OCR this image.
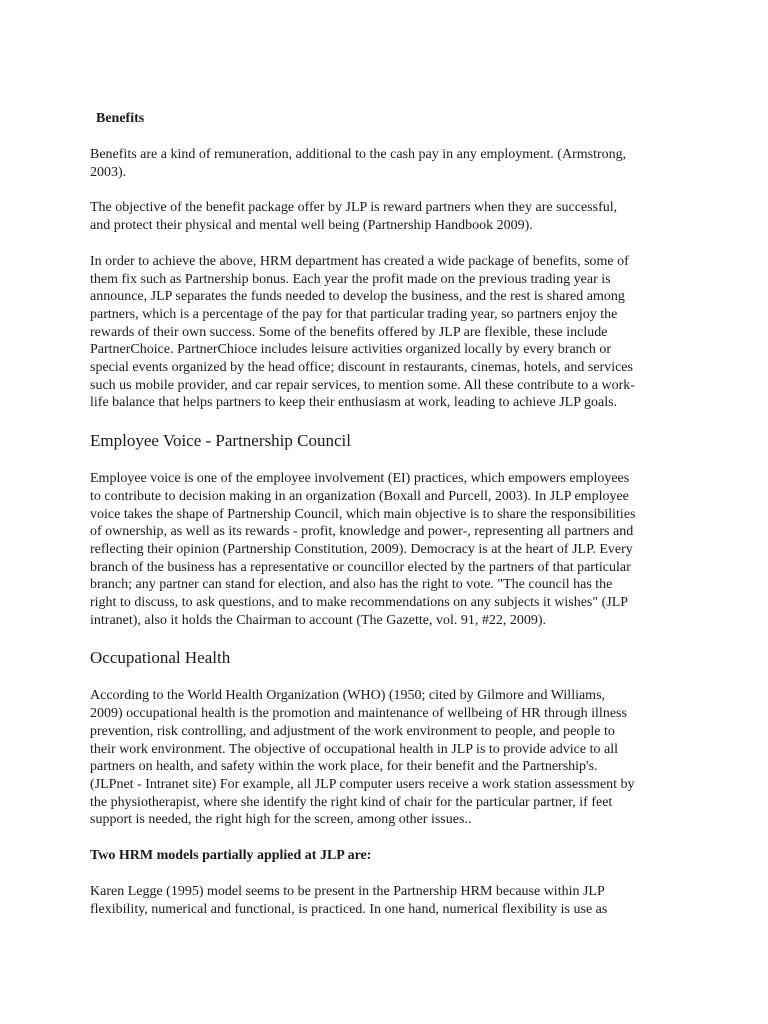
Benefits

Benefits are a kind of remuneration, additional to the cash pay in any employment. (Armstrong,
2003).

The objective of the benefit package offer by JLP is reward partners when they are successful,
and protect their physical and mental well being (Partnership Handbook 2009).

In order to achieve the above, HRM department has created a wide package of benefits, some of
them fix such as Partnership bonus. Each year the profit made on the previous trading year is
announce, JLP separates the funds needed to develop the business, and the rest is shared among
partners, which is a percentage of the pay for that particular trading year, so partners enjoy the
rewards of their own success. Some of the benefits offered by JLP are flexible, these include
PartnerChoice. PartnerChioce includes leisure activities organized locally by every branch or
special events organized by the head office; discount in restaurants, cinemas, hotels, and services
such us mobile provider, and car repair services, to mention some. All these contribute to a work-
life balance that helps partners to keep their enthusiasm at work, leading to achieve JLP goals.

Employee Voice - Partnership Council

Employee voice is one of the employee involvement (EI) practices, which empowers employees
to contribute to decision making in an organization (Boxall and Purcell, 2003). In JLP employee
voice takes the shape of Partnership Council, which main objective is to share the responsibilities
of ownership, as well as its rewards - profit, knowledge and power-, representing all partners and
reflecting their opinion (Partnership Constitution, 2009). Democracy is at the heart of JLP. Every
branch of the business has a representative or councillor elected by the partners of that particular
branch; any partner can stand for election, and also has the right to vote. "The council has the
right to discuss, to ask questions, and to make recommendations on any subjects it wishes" (JLP
intranet), also it holds the Chairman to account (The Gazette, vol. 91, #22, 2009).

Occupational Health

According to the World Health Organization (WHO) (1950; cited by Gilmore and Williams,
2009) occupational health is the promotion and maintenance of wellbeing of HR through illness
prevention, risk controlling, and adjustment of the work environment to people, and people to
their work environment. The objective of occupational health in JLP is to provide advice to all
partners on health, and safety within the work place, for their benefit and the Partnership's.
(JLPnet - Intranet site) For example, all JLP computer users receive a work station assessment by
the physiotherapist, where she identify the right kind of chair for the particular partner, if feet
support is needed, the right high for the screen, among other issues..

Two HRM models partially applied at JLP are:

Karen Legge (1995) model seems to be present in the Partnership HRM because within JLP
flexibility, numerical and functional, is practiced. In one hand, numerical flexibility is use as
